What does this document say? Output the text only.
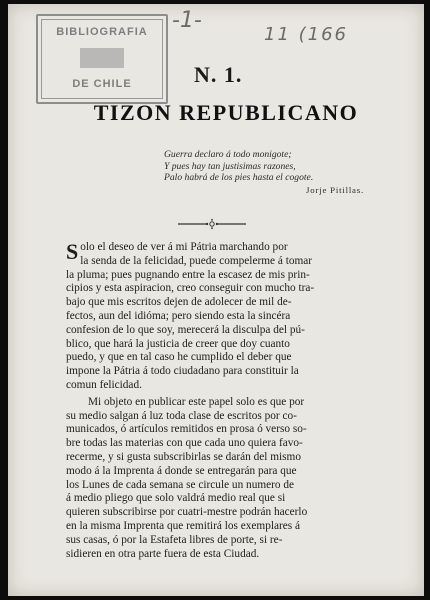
BIBLIOGRAFIA
DE CHILE
-1-
11 (166
N. 1.
TIZON REPUBLICANO
Guerra declaro á todo monigote;
Y pues hay tan justisimas razones,
Palo habrá de los pies hasta el cogote.
Jorje Pitillas.
S olo el deseo de ver á mi Pátria marchando por
la senda de la felicidad, puede compelerme á tomar
la pluma; pues pugnando entre la escasez de mis prin-
cipios y esta aspiracion, creo conseguir con mucho tra-
bajo que mis escritos dejen de adolecer de mil de-
fectos, aun del idióma; pero siendo esta la sincéra
confesion de lo que soy, merecerá la disculpa del pú-
blico, que hará la justicia de creer que doy cuanto
puedo, y que en tal caso he cumplido el deber que
impone la Pátria á todo ciudadano para constituir la
comun felicidad.
Mi objeto en publicar este papel solo es que por
su medio salgan á luz toda clase de escritos por co-
municados, ó artículos remitidos en prosa ó verso so-
bre todas las materias con que cada uno quiera favo-
recerme, y si gusta subscribirlas se darán del mismo
modo á la Imprenta á donde se entregarán para que
los Lunes de cada semana se circule un numero de
á medio pliego que solo valdrá medio real que si
quieren subscribirse por cuatri-mestre podrán hacerlo
en la misma Imprenta que remitirá los exemplares á
sus casas, ó por la Estafeta libres de porte, si re-
sidieren en otra parte fuera de esta Ciudad.
